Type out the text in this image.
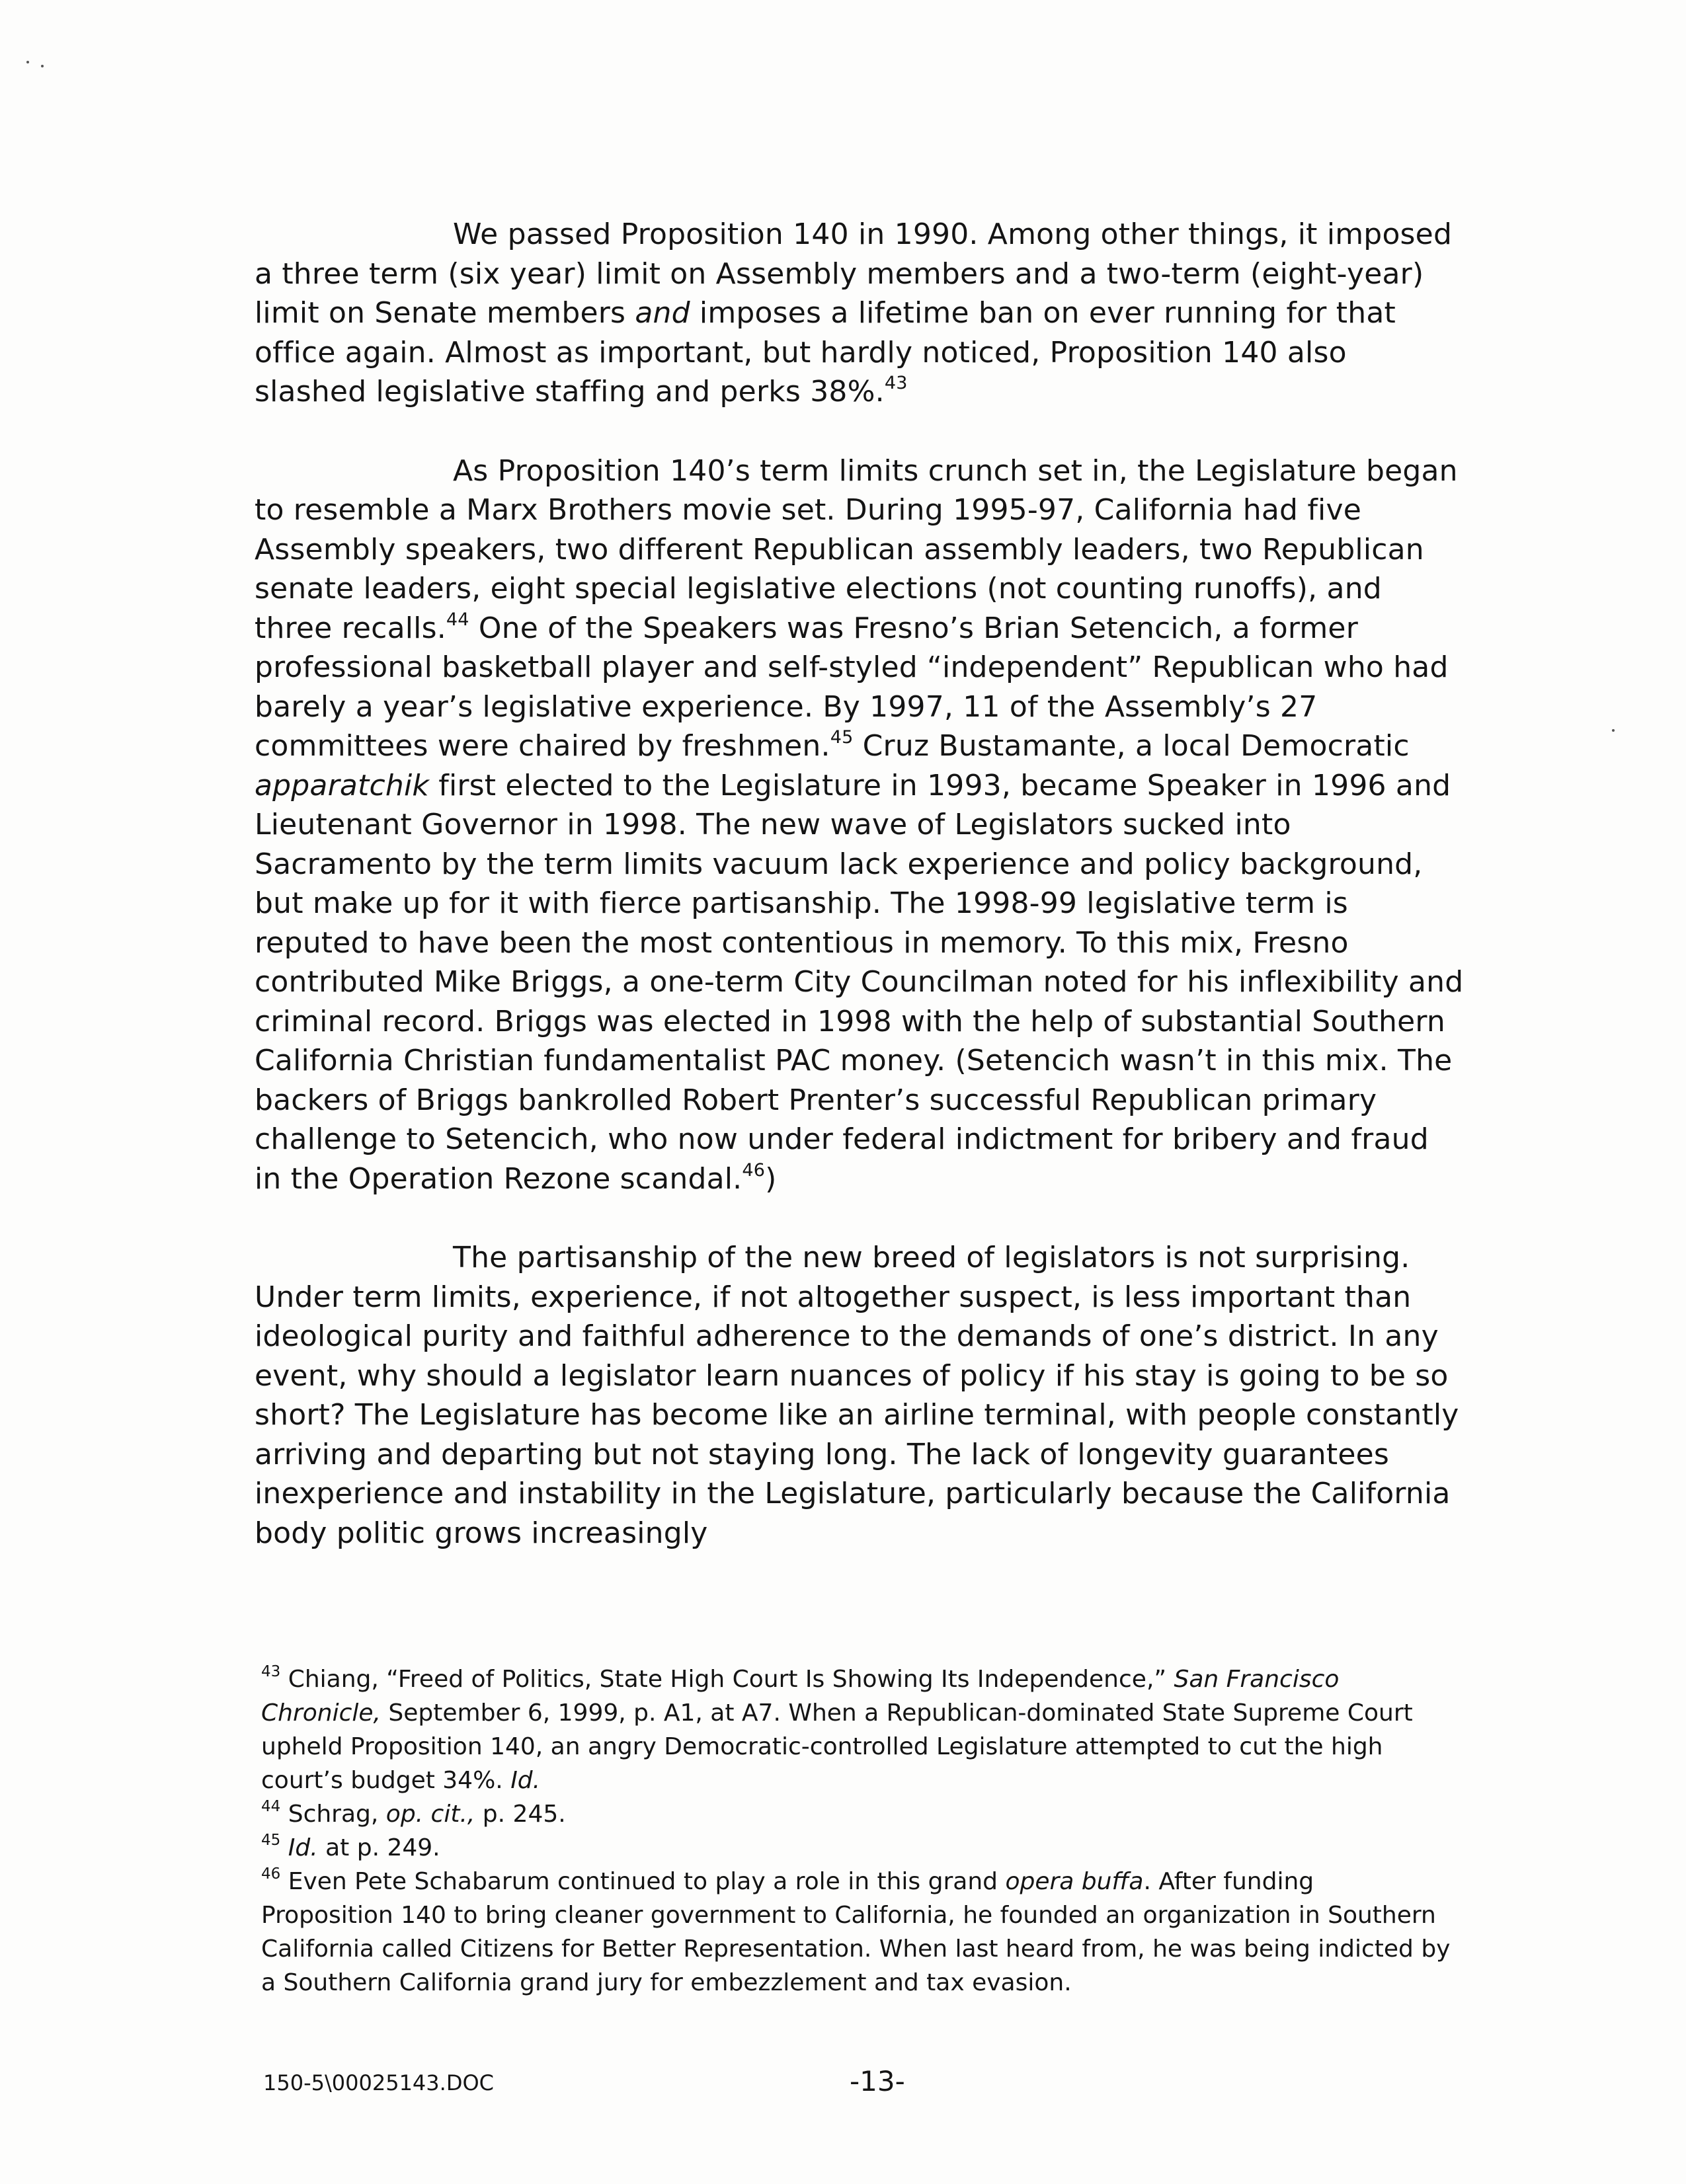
We passed Proposition 140 in 1990. Among other things, it imposed a three term (six year) limit on Assembly members and a two-term (eight-year) limit on Senate members and imposes a lifetime ban on ever running for that office again. Almost as important, but hardly noticed, Proposition 140 also slashed legislative staffing and perks 38%.$^{43}$

As Proposition 140’s term limits crunch set in, the Legislature began to resemble a Marx Brothers movie set. During 1995-97, California had five Assembly speakers, two different Republican assembly leaders, two Republican senate leaders, eight special legislative elections (not counting runoffs), and three recalls.$^{44}$ One of the Speakers was Fresno’s Brian Setencich, a former professional basketball player and self-styled “independent” Republican who had barely a year’s legislative experience. By 1997, 11 of the Assembly’s 27 committees were chaired by freshmen.$^{45}$ Cruz Bustamante, a local Democratic apparatchik first elected to the Legislature in 1993, became Speaker in 1996 and Lieutenant Governor in 1998. The new wave of Legislators sucked into Sacramento by the term limits vacuum lack experience and policy background, but make up for it with fierce partisanship. The 1998-99 legislative term is reputed to have been the most contentious in memory. To this mix, Fresno contributed Mike Briggs, a one-term City Councilman noted for his inflexibility and criminal record. Briggs was elected in 1998 with the help of substantial Southern California Christian fundamentalist PAC money. (Setencich wasn’t in this mix. The backers of Briggs bankrolled Robert Prenter’s successful Republican primary challenge to Setencich, who now under federal indictment for bribery and fraud in the Operation Rezone scandal.$^{46}$)

The partisanship of the new breed of legislators is not surprising. Under term limits, experience, if not altogether suspect, is less important than ideological purity and faithful adherence to the demands of one’s district. In any event, why should a legislator learn nuances of policy if his stay is going to be so short? The Legislature has become like an airline terminal, with people constantly arriving and departing but not staying long. The lack of longevity guarantees inexperience and instability in the Legislature, particularly because the California body politic grows increasingly

$^{43}$ Chiang, “Freed of Politics, State High Court Is Showing Its Independence,” San Francisco Chronicle, September 6, 1999, p. A1, at A7. When a Republican-dominated State Supreme Court upheld Proposition 140, an angry Democratic-controlled Legislature attempted to cut the high court’s budget 34%. Id.

$^{44}$ Schrag, op. cit., p. 245.

$^{45}$ Id. at p. 249.

$^{46}$ Even Pete Schabarum continued to play a role in this grand opera buffa. After funding Proposition 140 to bring cleaner government to California, he founded an organization in Southern California called Citizens for Better Representation. When last heard from, he was being indicted by a Southern California grand jury for embezzlement and tax evasion.

150-5\00025143.DOC	-13-
